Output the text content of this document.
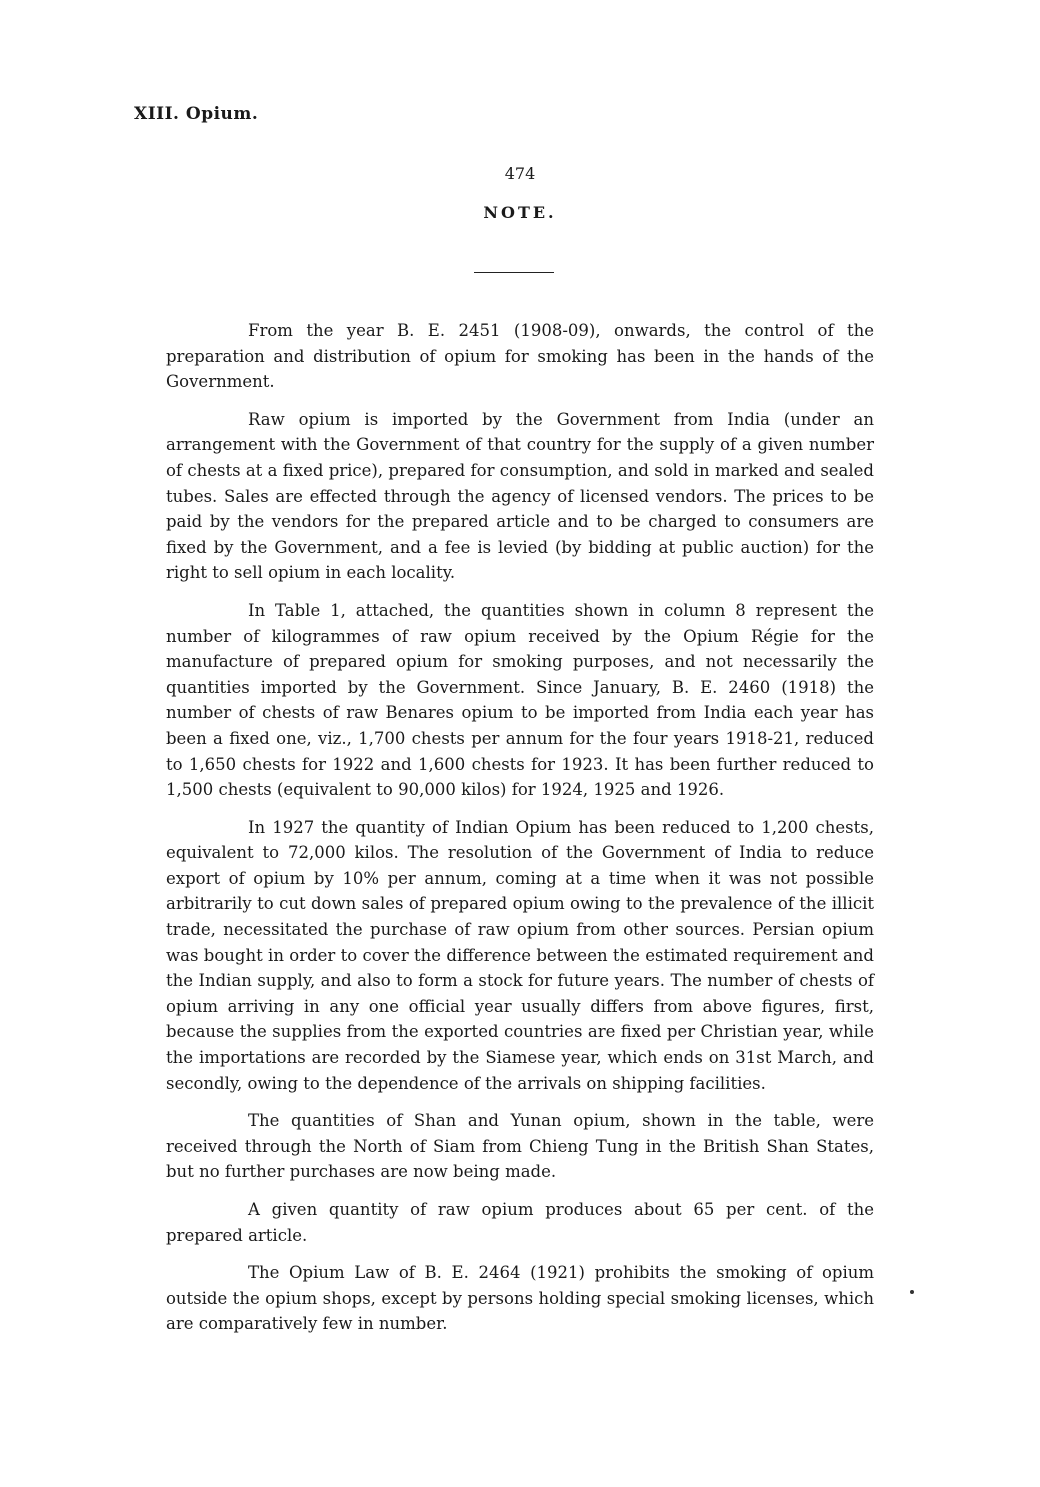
XIII. Opium.
474
NOTE.

From the year B. E. 2451 (1908-09), onwards, the control of the preparation and distribution of opium for smoking has been in the hands of the Government.

Raw opium is imported by the Government from India (under an arrangement with the Government of that country for the supply of a given number of chests at a fixed price), prepared for consumption, and sold in marked and sealed tubes. Sales are effected through the agency of licensed vendors. The prices to be paid by the vendors for the prepared article and to be charged to consumers are fixed by the Government, and a fee is levied (by bidding at public auction) for the right to sell opium in each locality.

In Table 1, attached, the quantities shown in column 8 represent the number of kilogrammes of raw opium received by the Opium Régie for the manufacture of prepared opium for smoking purposes, and not necessarily the quantities imported by the Government. Since January, B. E. 2460 (1918) the number of chests of raw Benares opium to be imported from India each year has been a fixed one, viz., 1,700 chests per annum for the four years 1918-21, reduced to 1,650 chests for 1922 and 1,600 chests for 1923. It has been further reduced to 1,500 chests (equivalent to 90,000 kilos) for 1924, 1925 and 1926.

In 1927 the quantity of Indian Opium has been reduced to 1,200 chests, equivalent to 72,000 kilos. The resolution of the Government of India to reduce export of opium by 10% per annum, coming at a time when it was not possible arbitrarily to cut down sales of prepared opium owing to the prevalence of the illicit trade, necessitated the purchase of raw opium from other sources. Persian opium was bought in order to cover the difference between the estimated requirement and the Indian supply, and also to form a stock for future years. The number of chests of opium arriving in any one official year usually differs from above figures, first, because the supplies from the exported countries are fixed per Christian year, while the importations are recorded by the Siamese year, which ends on 31st March, and secondly, owing to the dependence of the arrivals on shipping facilities.

The quantities of Shan and Yunan opium, shown in the table, were received through the North of Siam from Chieng Tung in the British Shan States, but no further purchases are now being made.

A given quantity of raw opium produces about 65 per cent. of the prepared article.

The Opium Law of B. E. 2464 (1921) prohibits the smoking of opium outside the opium shops, except by persons holding special smoking licenses, which are comparatively few in number.
